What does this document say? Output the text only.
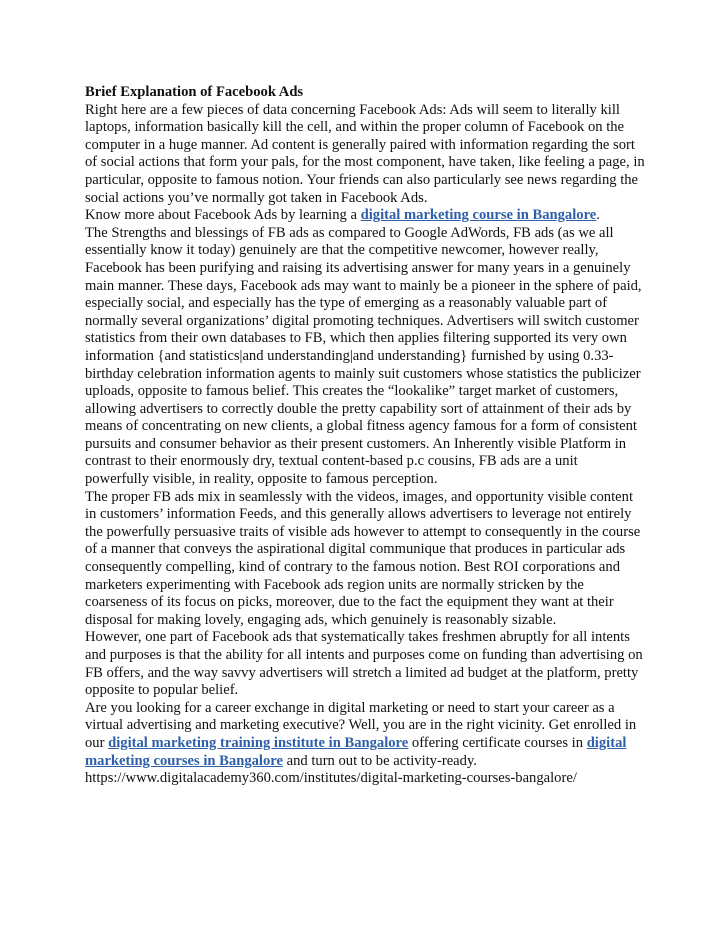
Brief Explanation of Facebook Ads

Right here are a few pieces of data concerning Facebook Ads: Ads will seem to literally kill laptops, information basically kill the cell, and within the proper column of Facebook on the computer in a huge manner. Ad content is generally paired with information regarding the sort of social actions that form your pals, for the most component, have taken, like feeling a page, in particular, opposite to famous notion. Your friends can also particularly see news regarding the social actions you’ve normally got taken in Facebook Ads.

Know more about Facebook Ads by learning a digital marketing course in Bangalore.

The Strengths and blessings of FB ads as compared to Google AdWords, FB ads (as we all essentially know it today) genuinely are that the competitive newcomer, however really, Facebook has been purifying and raising its advertising answer for many years in a genuinely main manner. These days, Facebook ads may want to mainly be a pioneer in the sphere of paid, especially social, and especially has the type of emerging as a reasonably valuable part of normally several organizations’ digital promoting techniques. Advertisers will switch customer statistics from their own databases to FB, which then applies filtering supported its very own information {and statistics|and understanding|and understanding} furnished by using 0.33-birthday celebration information agents to mainly suit customers whose statistics the publicizer uploads, opposite to famous belief. This creates the “lookalike” target market of customers, allowing advertisers to correctly double the pretty capability sort of attainment of their ads by means of concentrating on new clients, a global fitness agency famous for a form of consistent pursuits and consumer behavior as their present customers. An Inherently visible Platform in contrast to their enormously dry, textual content-based p.c cousins, FB ads are a unit powerfully visible, in reality, opposite to famous perception.

The proper FB ads mix in seamlessly with the videos, images, and opportunity visible content in customers’ information Feeds, and this generally allows advertisers to leverage not entirely the powerfully persuasive traits of visible ads however to attempt to consequently in the course of a manner that conveys the aspirational digital communique that produces in particular ads consequently compelling, kind of contrary to the famous notion. Best ROI corporations and marketers experimenting with Facebook ads region units are normally stricken by the coarseness of its focus on picks, moreover, due to the fact the equipment they want at their disposal for making lovely, engaging ads, which genuinely is reasonably sizable.

However, one part of Facebook ads that systematically takes freshmen abruptly for all intents and purposes is that the ability for all intents and purposes come on funding than advertising on FB offers, and the way savvy advertisers will stretch a limited ad budget at the platform, pretty opposite to popular belief.

Are you looking for a career exchange in digital marketing or need to start your career as a virtual advertising and marketing executive? Well, you are in the right vicinity. Get enrolled in our digital marketing training institute in Bangalore offering certificate courses in digital marketing courses in Bangalore and turn out to be activity-ready.

https://www.digitalacademy360.com/institutes/digital-marketing-courses-bangalore/
